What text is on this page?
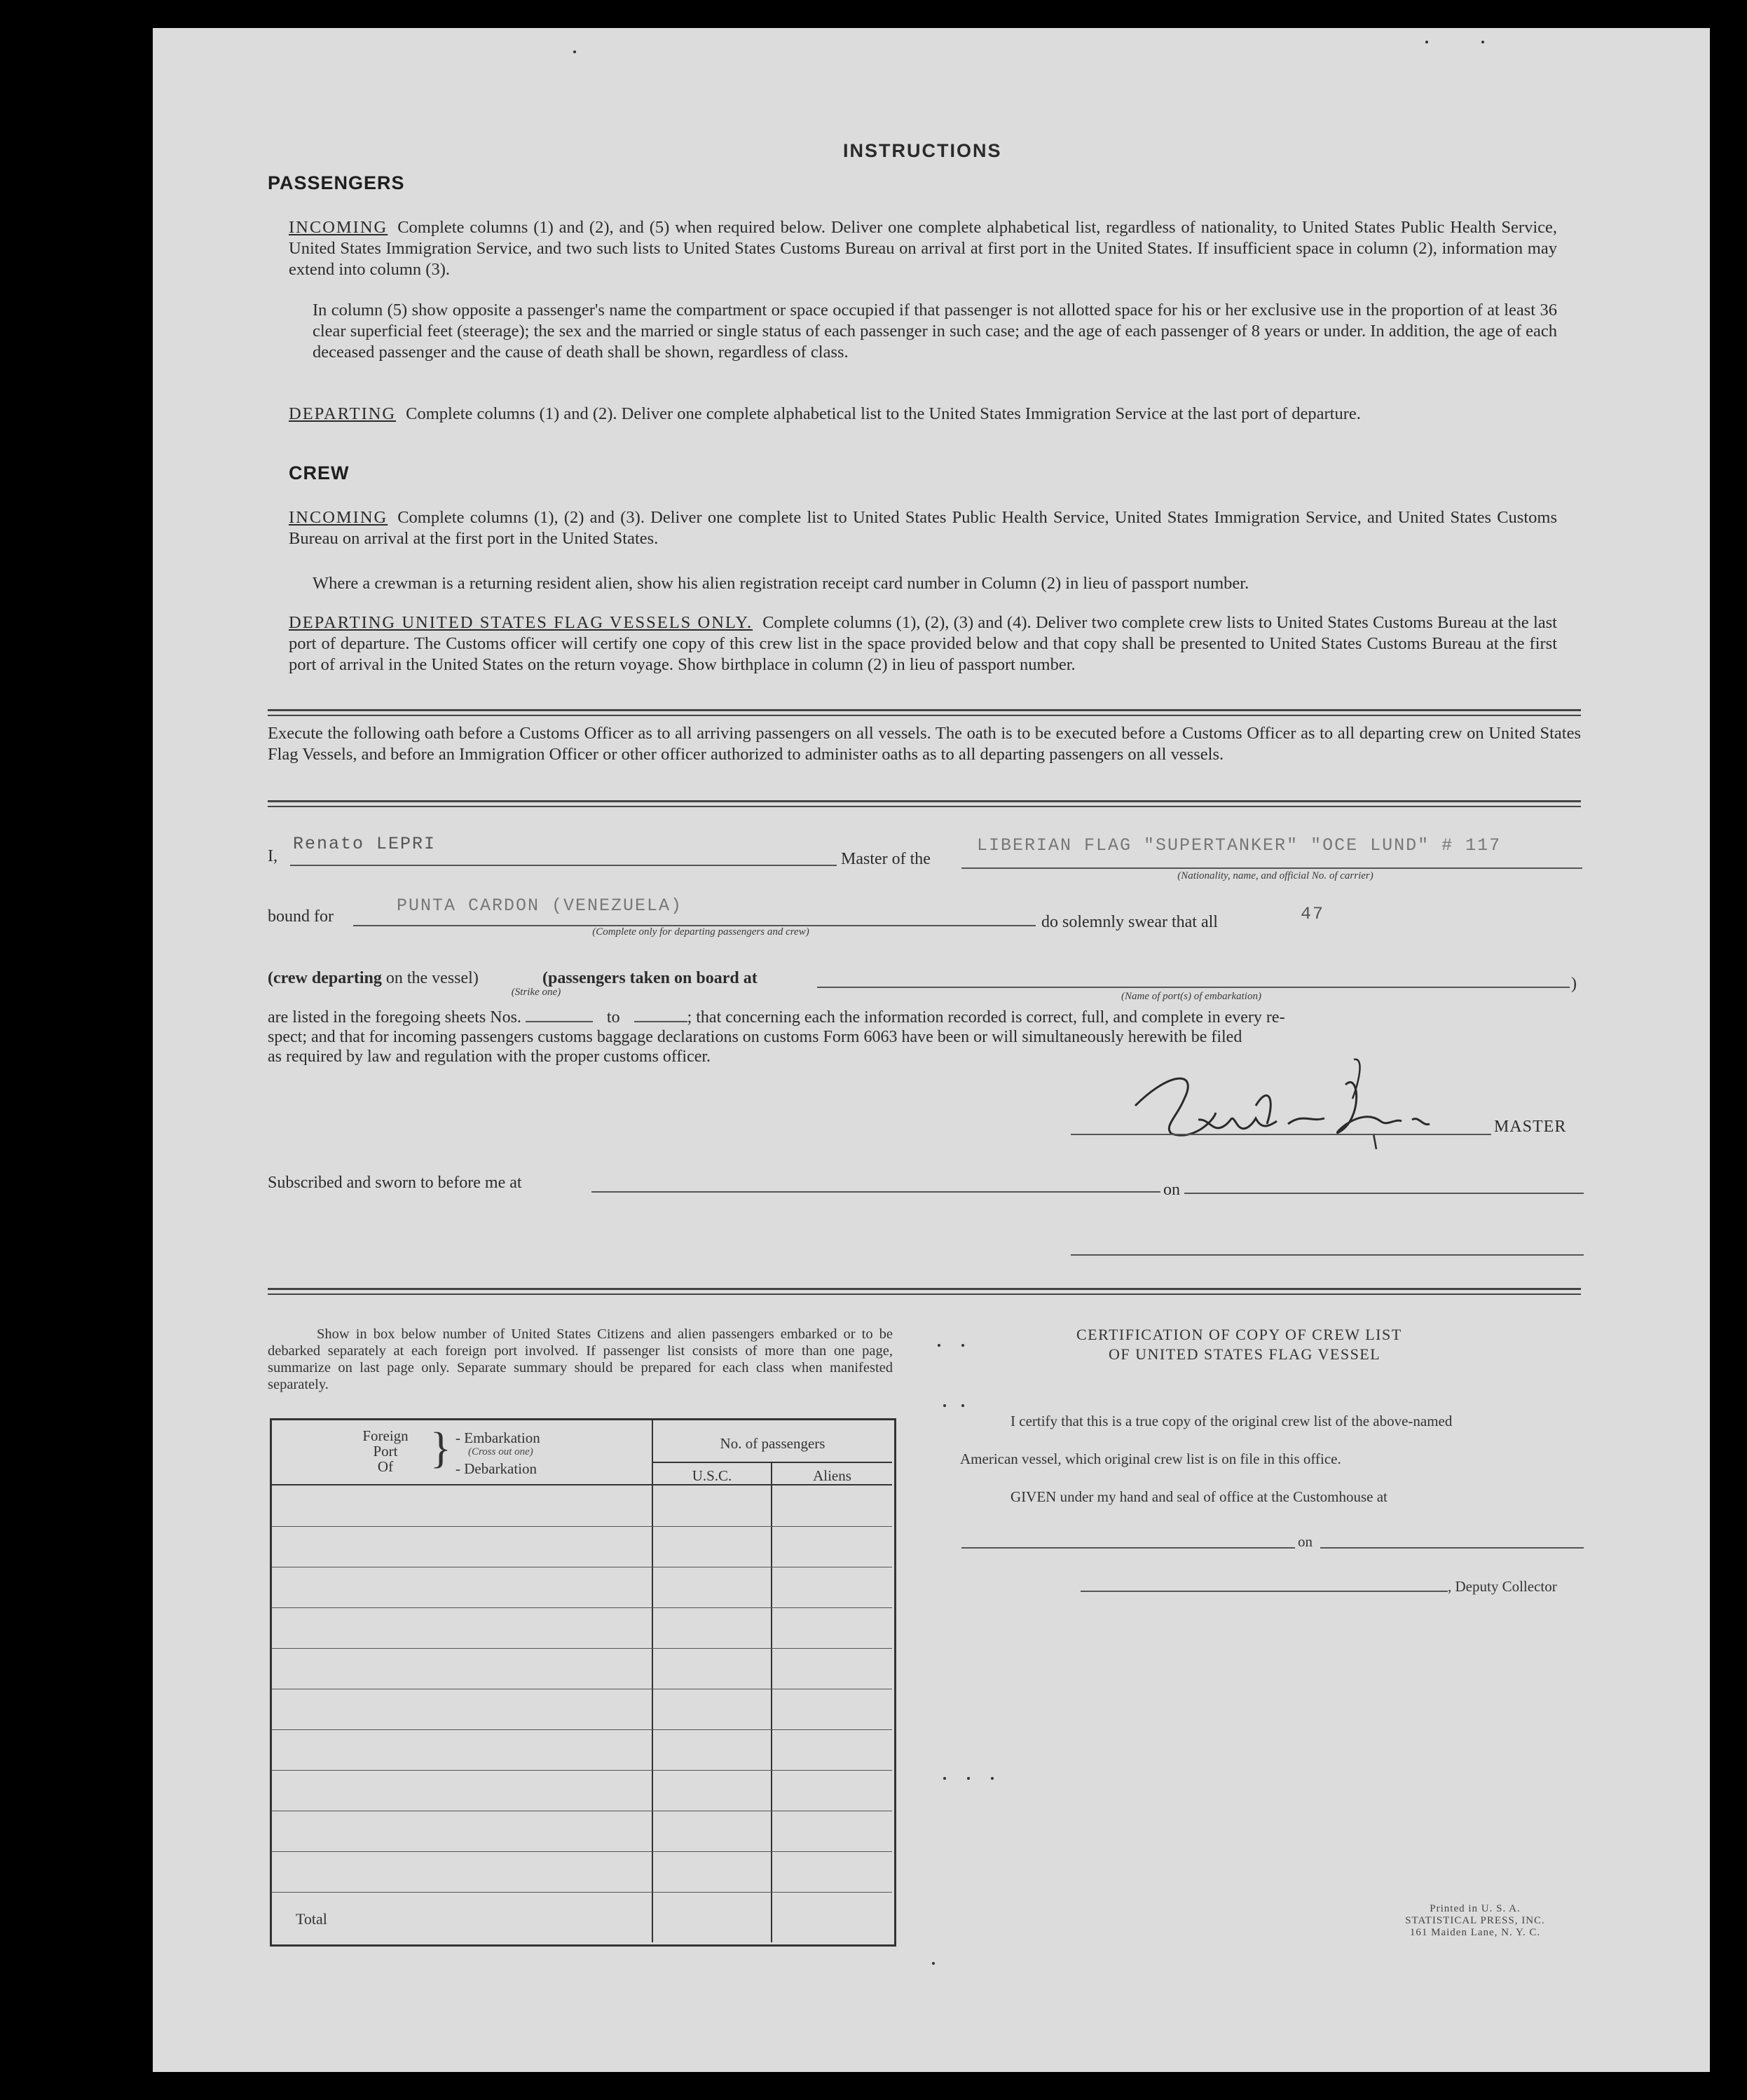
INSTRUCTIONS
PASSENGERS
INCOMING Complete columns (1) and (2), and (5) when required below. Deliver one complete alphabetical list, regardless of nationality, to United States Public Health Service, United States Immigration Service, and two such lists to United States Customs Bureau on arrival at first port in the United States. If insufficient space in column (2), information may extend into column (3).
In column (5) show opposite a passenger's name the compartment or space occupied if that passenger is not allotted space for his or her exclusive use in the proportion of at least 36 clear superficial feet (steerage); the sex and the married or single status of each passenger in such case; and the age of each passenger of 8 years or under. In addition, the age of each deceased passenger and the cause of death shall be shown, regardless of class.
DEPARTING Complete columns (1) and (2). Deliver one complete alphabetical list to the United States Immigration Service at the last port of departure.
CREW
INCOMING Complete columns (1), (2) and (3). Deliver one complete list to United States Public Health Service, United States Immigration Service, and United States Customs Bureau on arrival at the first port in the United States.
Where a crewman is a returning resident alien, show his alien registration receipt card number in Column (2) in lieu of passport number.
DEPARTING UNITED STATES FLAG VESSELS ONLY. Complete columns (1), (2), (3) and (4). Deliver two complete crew lists to United States Customs Bureau at the last port of departure. The Customs officer will certify one copy of this crew list in the space provided below and that copy shall be presented to United States Customs Bureau at the first port of arrival in the United States on the return voyage. Show birthplace in column (2) in lieu of passport number.
Execute the following oath before a Customs Officer as to all arriving passengers on all vessels. The oath is to be executed before a Customs Officer as to all departing crew on United States Flag Vessels, and before an Immigration Officer or other officer authorized to administer oaths as to all departing passengers on all vessels.
I,
Renato LEPRI
Master of the
LIBERIAN FLAG "SUPERTANKER" "OCE LUND" # 117
(Nationality, name, and official No. of carrier)
bound for
PUNTA CARDON (VENEZUELA)
(Complete only for departing passengers and crew)
do solemnly swear that all	47
(crew departing on the vessel)	(passengers taken on board at
(Strike one)	(Name of port(s) of embarkation)
)
are listed in the foregoing sheets Nos.	to	; that concerning each the information recorded is correct, full, and complete in every re-
spect; and that for incoming passengers customs baggage declarations on customs Form 6063 have been or will simultaneously herewith be filed
as required by law and regulation with the proper customs officer.
MASTER
Subscribed and sworn to before me at	on
Show in box below number of United States Citizens and alien passengers embarked or to be debarked separately at each foreign port involved. If passenger list consists of more than one page, summarize on last page only. Separate summary should be prepared for each class when manifested separately.
Foreign
Port
Of } - Embarkation
(Cross out one)
- Debarkation
No. of passengers
U.S.C.	Aliens
Total
CERTIFICATION OF COPY OF CREW LIST
OF UNITED STATES FLAG VESSEL
I certify that this is a true copy of the original crew list of the above-named
American vessel, which original crew list is on file in this office.
GIVEN under my hand and seal of office at the Customhouse at
on
, Deputy Collector
Printed in U. S. A.
STATISTICAL PRESS, INC.
161 Maiden Lane, N. Y. C.
